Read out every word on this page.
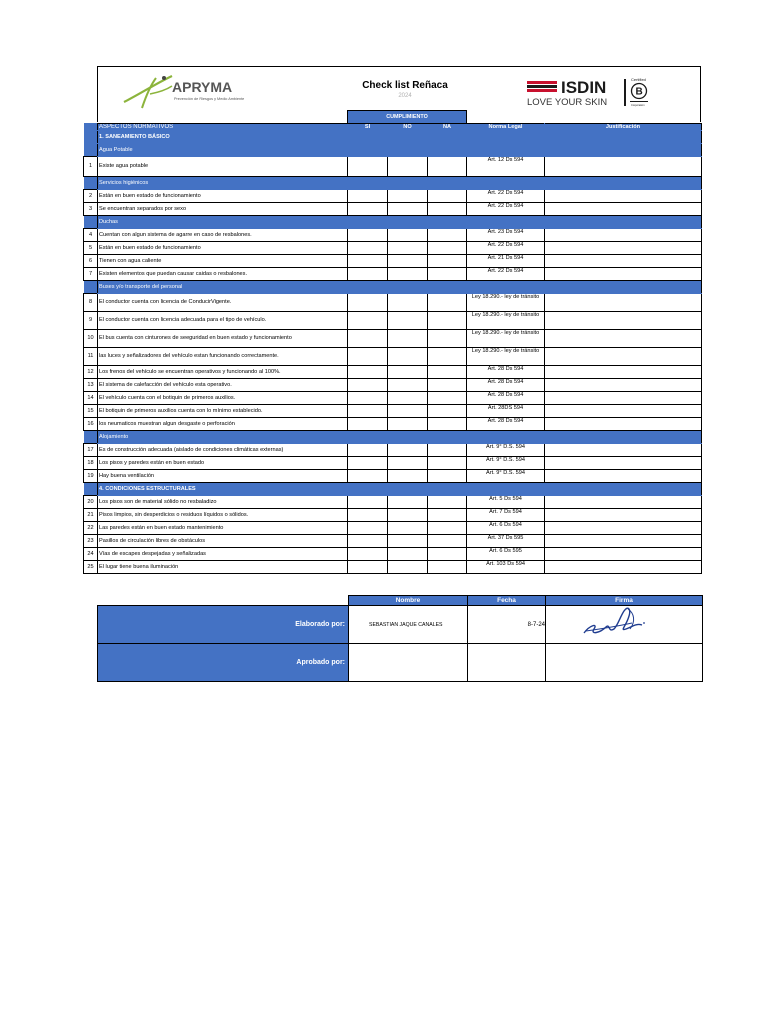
APRYMA
Prevención de Riesgos y Medio Ambiente
Check list Reñaca
2024	ISDIN
LOVE YOUR SKIN
Certified
B
Corporation
		CUMPLIMIENTO				
	ASPECTOS NORMATIVOS	SI	NO	NA	Norma Legal	Justificación
	1. SANEAMIENTO BÁSICO					
	Agua Potable					
1	Existe agua potable				Art. 12 Ds 594	
	Servicios higiénicos					
2	Están en buen estado de funcionamiento				Art. 22 Ds 594	
3	Se encuentran separados por sexo				Art. 22 Ds 594	
	Duchas					
4	Cuentan con algun sistema de agarre en caso de resbalones.				Art. 23 Ds 594	
5	Están en buen estado de funcionamiento				Art. 22 Ds 594	
6	Tienen con agua caliente				Art. 21 Ds 594	
7	Existen elementos que puedan causar caidas o resbalones.				Art. 22 Ds 594	
	Buses y/o transporte del personal					
8	El conductor cuenta con licencia de ConducirVigente.				Ley 18.290.- ley de tránsito	
9	El conductor cuenta con licencia adecuada para el tipo de vehículo.				Ley 18.290.- ley de tránsito	
10	El bus cuenta con cinturones de seeguridad en buen estado y funcionamiento				Ley 18.290.- ley de tránsito	
11	las luces y señalizadores del vehículo estan funcionando correctamente.				Ley 18.290.- ley de tránsito	
12	Los frenos del vehículo se encuentran operativos y funcionando al 100%.				Art. 28 Ds 594	
13	El sistema de calefacción del vehículo esta operativo.				Art. 28 Ds 594	
14	El vehículo cuenta con el botiquin de primeros auxilios.				Art. 28 Ds 594	
15	El botiquin de primeros auxilios cuenta con lo mínimo establecido.				Art. 28DS 594	
16	los neumaticos muestran algun desgaste o perforación				Art. 28 Ds 594	
	Alojamiento					
17	Es de construcción adecuada (aislado de condiciones climáticas externas)				Art. 9° D.S. 594	
18	Los pisos y paredes están en buen estado				Art. 9° D.S. 594	
19	Hay buena ventilación				Art. 9° D.S. 594	
	4. CONDICIONES ESTRUCTURALES					
20	Los pisos son de material sólido no resbaladizo				Art. 5 Ds 594	
21	Pisos limpios, sin desperdicios o residuos líquidos o sólidos.				Art. 7 Ds 594	
22	Las paredes están en buen estado mantenimiento				Art. 6 Ds 594	
23	Pasillos de circulación libres de obstáculos				Art. 37 Ds 595	
24	Vías de escapes despejadas y señalizadas				Art. 6 Ds 595	
25	El lugar tiene buena iluminación				Art. 103 Ds 594	
	Nombre	Fecha	Firma
Elaborado por:	SEBASTIAN JAQUE CANALES	8-7-24	
Aprobado por:			
